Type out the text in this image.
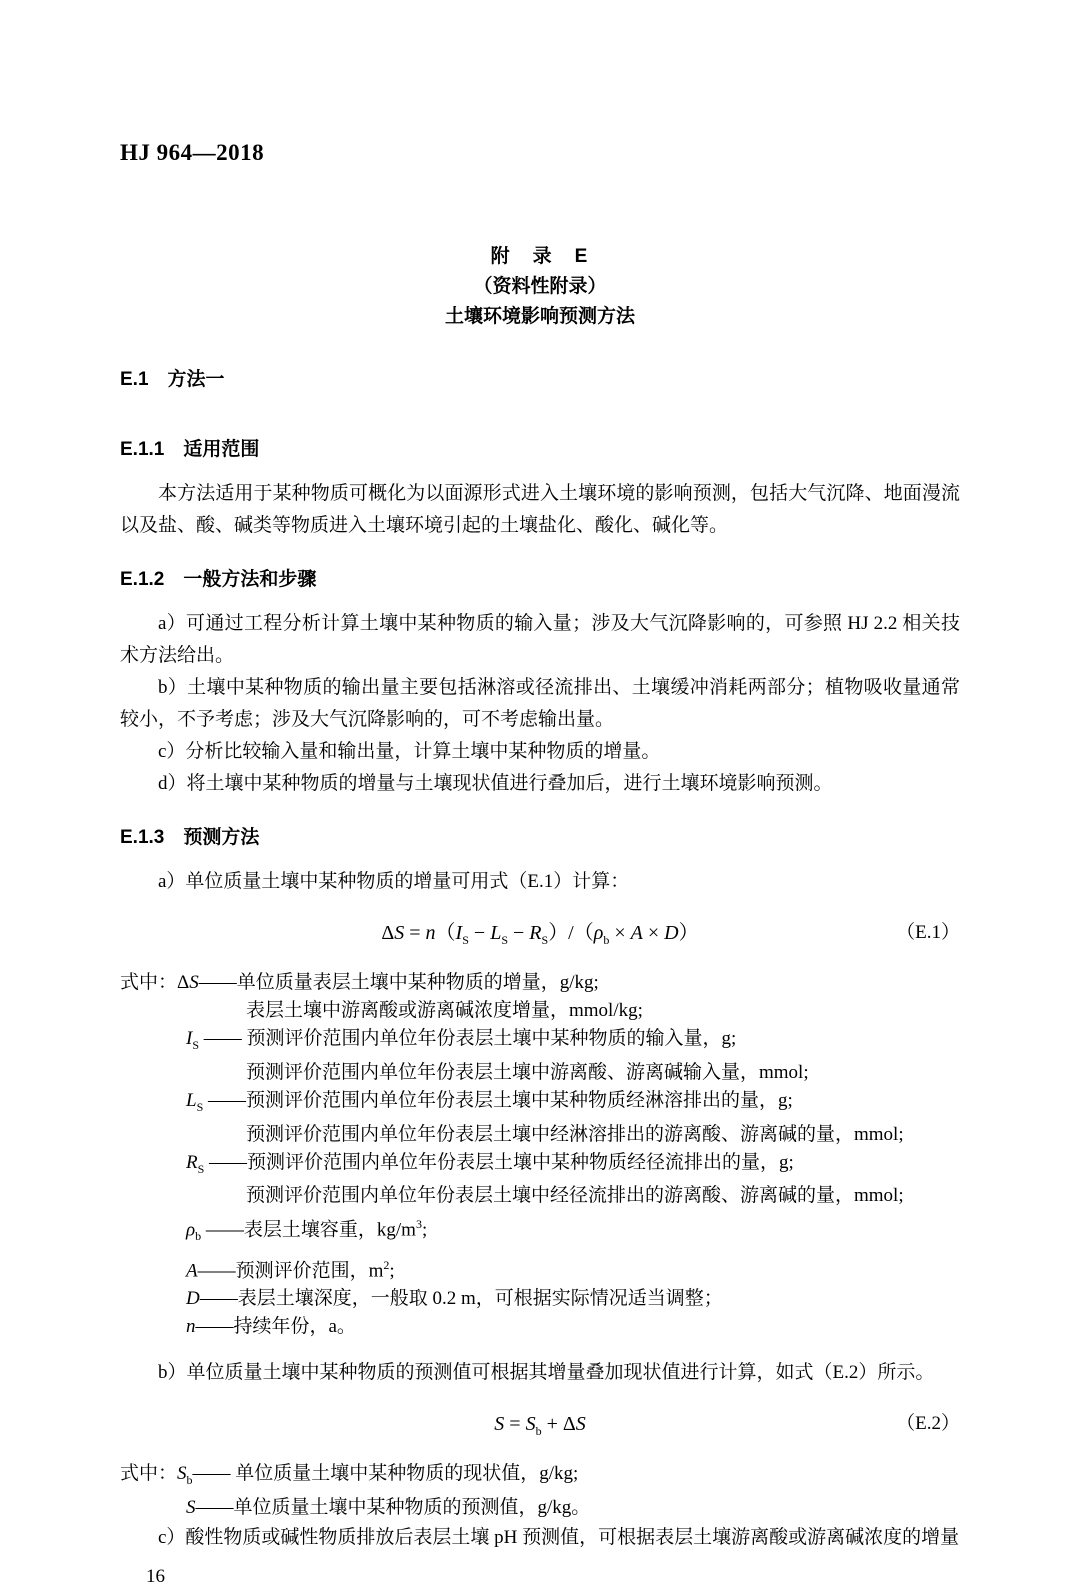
HJ 964—2018
附　录　E
（资料性附录）
土壤环境影响预测方法
E.1　方法一
E.1.1　适用范围

本方法适用于某种物质可概化为以面源形式进入土壤环境的影响预测，包括大气沉降、地面漫流以及盐、酸、碱类等物质进入土壤环境引起的土壤盐化、酸化、碱化等。

E.1.2　一般方法和步骤

a）可通过工程分析计算土壤中某种物质的输入量；涉及大气沉降影响的，可参照 HJ 2.2 相关技术方法给出。

b）土壤中某种物质的输出量主要包括淋溶或径流排出、土壤缓冲消耗两部分；植物吸收量通常较小，不予考虑；涉及大气沉降影响的，可不考虑输出量。

c）分析比较输入量和输出量，计算土壤中某种物质的增量。

d）将土壤中某种物质的增量与土壤现状值进行叠加后，进行土壤环境影响预测。

E.1.3　预测方法

a）单位质量土壤中某种物质的增量可用式（E.1）计算：

$\Delta S = n(I_S - L_S - R_S)/(\rho_b \times A \times D)$	（E.1）
式中：ΔS——单位质量表层土壤中某种物质的增量，g/kg;
表层土壤中游离酸或游离碱浓度增量，mmol/kg;
$I_S$ —— 预测评价范围内单位年份表层土壤中某种物质的输入量，g;
预测评价范围内单位年份表层土壤中游离酸、游离碱输入量，mmol;
$L_S$ ——预测评价范围内单位年份表层土壤中某种物质经淋溶排出的量，g;
预测评价范围内单位年份表层土壤中经淋溶排出的游离酸、游离碱的量，mmol;
$R_S$ ——预测评价范围内单位年份表层土壤中某种物质经径流排出的量，g;
预测评价范围内单位年份表层土壤中经径流排出的游离酸、游离碱的量，mmol;
$\rho_b$ ——表层土壤容重，$kg/m^3$;
A——预测评价范围，$m^2$;
D——表层土壤深度，一般取 0.2 m，可根据实际情况适当调整；
n——持续年份，a。

b）单位质量土壤中某种物质的预测值可根据其增量叠加现状值进行计算，如式（E.2）所示。

$S = S_b + \Delta S$	（E.2）
式中：$S_b——$ 单位质量土壤中某种物质的现状值，g/kg;
S——单位质量土壤中某种物质的预测值，g/kg。

c）酸性物质或碱性物质排放后表层土壤 pH 预测值，可根据表层土壤游离酸或游离碱浓度的增量

16
